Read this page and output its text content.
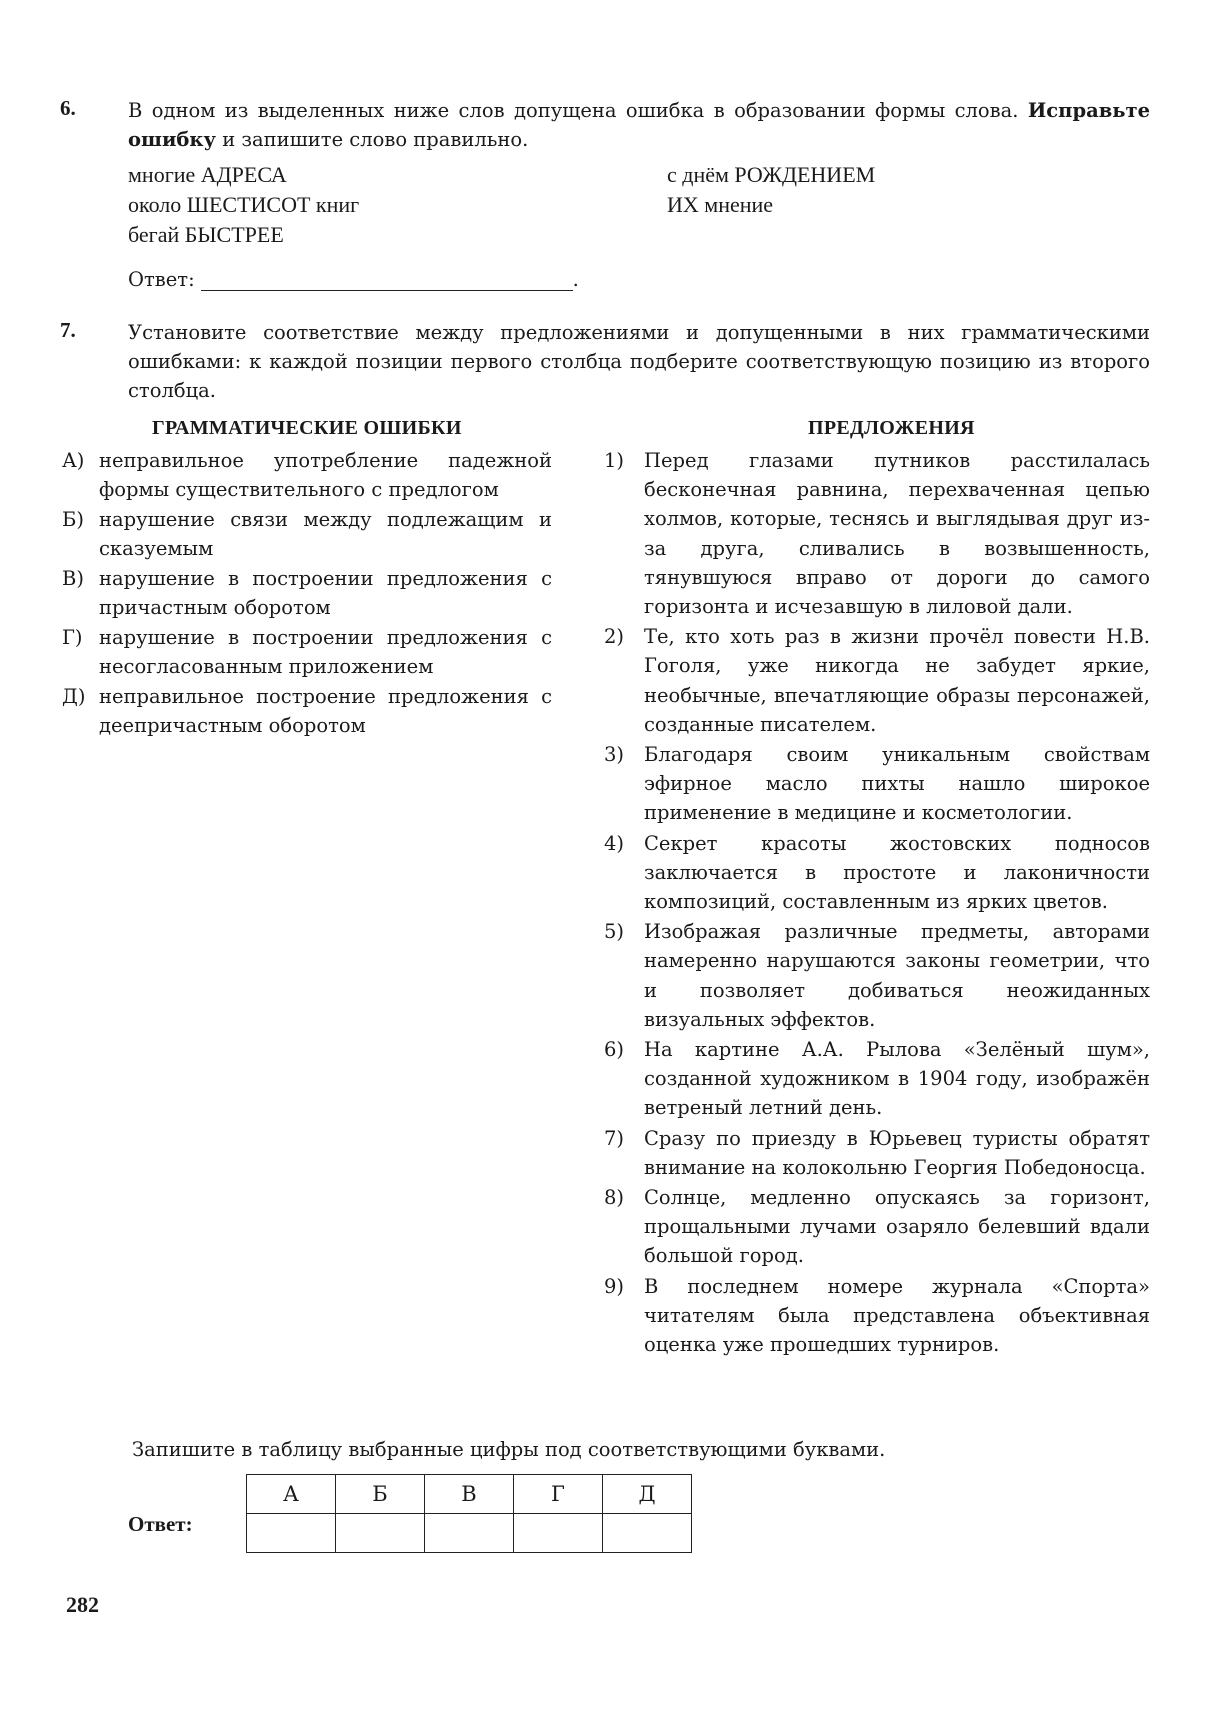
6.	В одном из выделенных ниже слов допущена ошибка в образовании формы слова. Исправьте ошибку и запишите слово правильно.
многие АДРЕСА
около ШЕСТИСОТ книг
бегай БЫСТРЕЕ
с днём РОЖДЕНИЕМ
ИХ мнение
Ответ:	.
7.	Установите соответствие между предложениями и допущенными в них грамматическими ошибками: к каждой позиции первого столбца подберите соответствующую позицию из второго столбца.
ГРАММАТИЧЕСКИЕ ОШИБКИ	ПРЕДЛОЖЕНИЯ
А) неправильное употребление падежной формы существительного с предлогом
Б) нарушение связи между подлежащим и сказуемым
В) нарушение в построении предложения с причастным оборотом
Г) нарушение в построении предложения с несогласованным приложением
Д) неправильное построение предложения с деепричастным оборотом
1) Перед глазами путников расстилалась бесконечная равнина, перехваченная цепью холмов, которые, теснясь и выглядывая друг из-за друга, сливались в возвышенность, тянувшуюся вправо от дороги до самого горизонта и исчезавшую в лиловой дали.
2) Те, кто хоть раз в жизни прочёл повести Н.В. Гоголя, уже никогда не забудет яркие, необычные, впечатляющие образы персонажей, созданные писателем.
3) Благодаря своим уникальным свойствам эфирное масло пихты нашло широкое применение в медицине и косметологии.
4) Секрет красоты жостовских подносов заключается в простоте и лаконичности композиций, составленным из ярких цветов.
5) Изображая различные предметы, авторами намеренно нарушаются законы геометрии, что и позволяет добиваться неожиданных визуальных эффектов.
6) На картине А.А. Рылова «Зелёный шум», созданной художником в 1904 году, изображён ветреный летний день.
7) Сразу по приезду в Юрьевец туристы обратят внимание на колокольню Георгия Победоносца.
8) Солнце, медленно опускаясь за горизонт, прощальными лучами озаряло белевший вдали большой город.
9) В последнем номере журнала «Спорта» читателям была представлена объективная оценка уже прошедших турниров.
Запишите в таблицу выбранные цифры под соответствующими буквами.
Ответ:
А	Б	В	Г	Д

282
